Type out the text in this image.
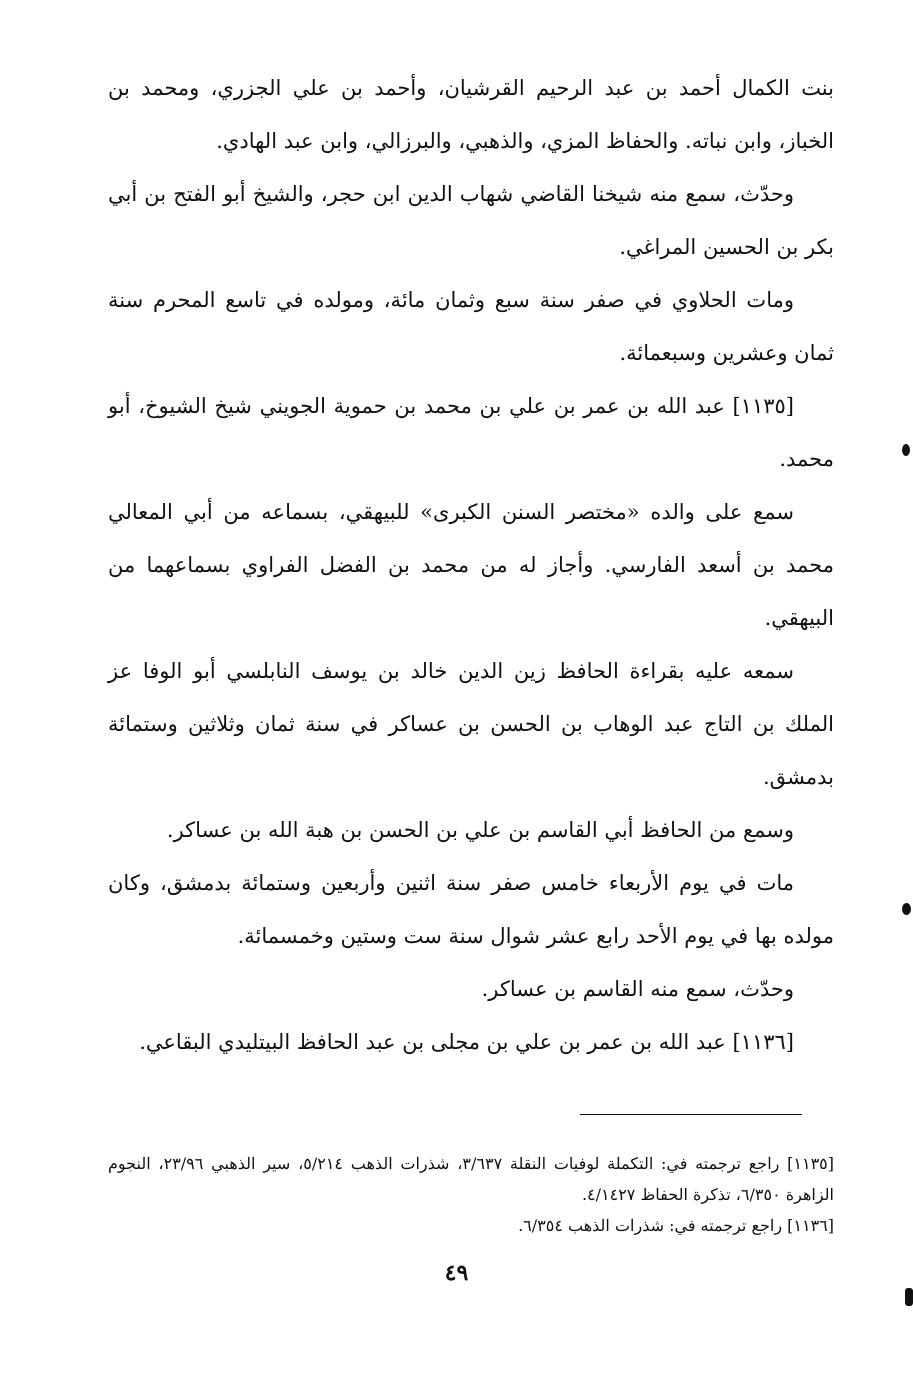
بنت الكمال أحمد بن عبد الرحيم القرشيان، وأحمد بن علي الجزري، ومحمد بن الخباز، وابن نباته. والحفاظ المزي، والذهبي، والبرزالي، وابن عبد الهادي.

وحدّث، سمع منه شيخنا القاضي شهاب الدين ابن حجر، والشيخ أبو الفتح بن أبي بكر بن الحسين المراغي.

ومات الحلاوي في صفر سنة سبع وثمان مائة، ومولده في تاسع المحرم سنة ثمان وعشرين وسبعمائة.

[١١٣٥] عبد الله بن عمر بن علي بن محمد بن حموية الجويني شيخ الشيوخ، أبو محمد.

سمع على والده «مختصر السنن الكبرى» للبيهقي، بسماعه من أبي المعالي محمد بن أسعد الفارسي. وأجاز له من محمد بن الفضل الفراوي بسماعهما من البيهقي.

سمعه عليه بقراءة الحافظ زين الدين خالد بن يوسف النابلسي أبو الوفا عز الملك بن التاج عبد الوهاب بن الحسن بن عساكر في سنة ثمان وثلاثين وستمائة بدمشق.

وسمع من الحافظ أبي القاسم بن علي بن الحسن بن هبة الله بن عساكر.

مات في يوم الأربعاء خامس صفر سنة اثنين وأربعين وستمائة بدمشق، وكان مولده بها في يوم الأحد رابع عشر شوال سنة ست وستين وخمسمائة.

وحدّث، سمع منه القاسم بن عساكر.

[١١٣٦] عبد الله بن عمر بن علي بن مجلى بن عبد الحافظ البيتليدي البقاعي.

[١١٣٥] راجع ترجمته في: التكملة لوفيات النقلة ٣/٦٣٧، شذرات الذهب ٥/٢١٤، سير الذهبي ٢٣/٩٦، النجوم الزاهرة ٦/٣٥٠، تذكرة الحفاظ ٤/١٤٢٧.

[١١٣٦] راجع ترجمته في: شذرات الذهب ٦/٣٥٤.

٤٩
